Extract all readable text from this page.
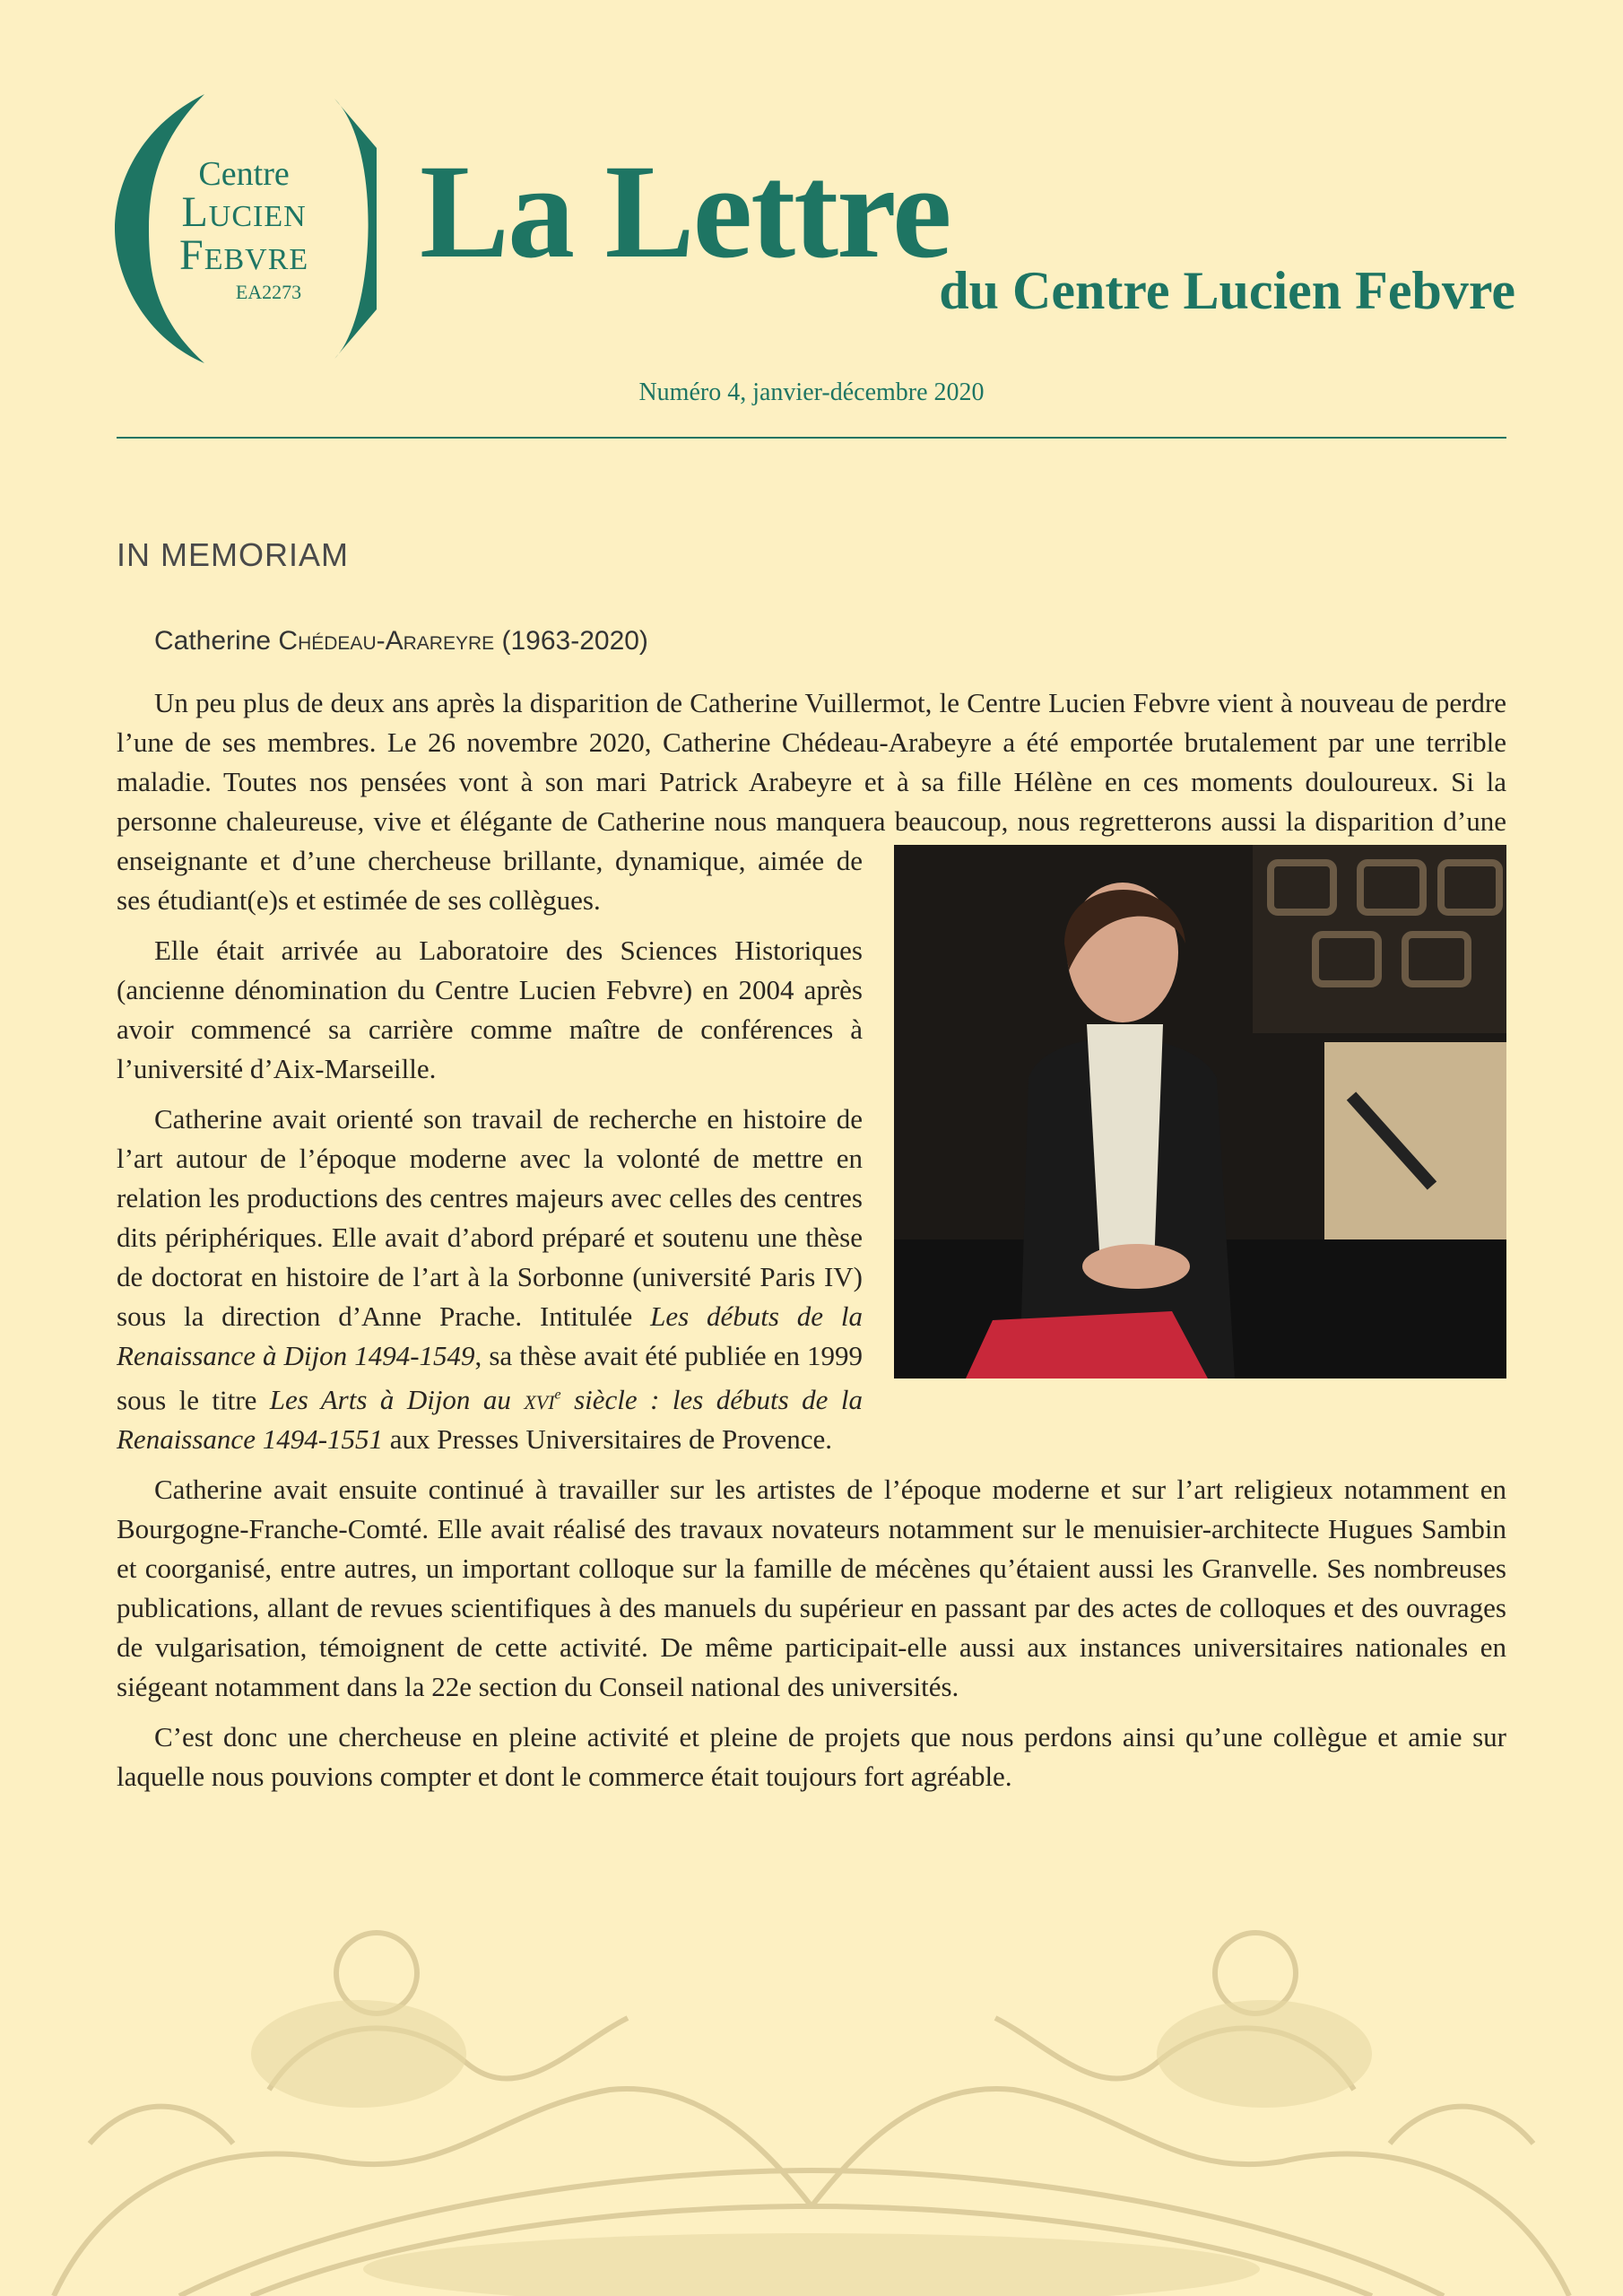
Centre
Lucien
Febvre
EA2273
La Lettre
du Centre Lucien Febvre
Numéro 4, janvier-décembre 2020
IN MEMORIAM
Catherine Chédeau-Arareyre (1963-2020)

Un peu plus de deux ans après la disparition de Catherine Vuillermot, le Centre Lucien Febvre vient à nouveau de perdre l’une de ses membres. Le 26 novembre 2020, Catherine Chédeau-Arabeyre a été emportée brutalement par une terrible maladie. Toutes nos pensées vont à son mari Patrick Arabeyre et à sa fille Hélène en ces moments douloureux. Si la personne chaleureuse, vive et élégante de Catherine nous manquera beaucoup, nous regretterons aussi la disparition d’une enseignante et d’une chercheuse brillante, dynamique, aimée de ses étudiant(e)s et estimée de ses collègues.

Elle était arrivée au Laboratoire des Sciences Historiques (ancienne dénomination du Centre Lucien Febvre) en 2004 après avoir commencé sa carrière comme maître de conférences à l’université d’Aix-Marseille.

Catherine avait orienté son travail de recherche en histoire de l’art autour de l’époque moderne avec la volonté de mettre en relation les productions des centres majeurs avec celles des centres dits périphériques. Elle avait d’abord préparé et soutenu une thèse de doctorat en histoire de l’art à la Sorbonne (université Paris IV) sous la direction d’Anne Prache. Intitulée Les débuts de la Renaissance à Dijon 1494-1549, sa thèse avait été publiée en 1999 sous le titre Les Arts à Dijon au xvi$^e$ siècle : les débuts de la Renaissance 1494-1551 aux Presses Universitaires de Provence.

Catherine avait ensuite continué à travailler sur les artistes de l’époque moderne et sur l’art religieux notamment en Bourgogne-Franche-Comté. Elle avait réalisé des travaux novateurs notamment sur le menuisier-architecte Hugues Sambin et coorganisé, entre autres, un important colloque sur la famille de mécènes qu’étaient aussi les Granvelle. Ses nombreuses publications, allant de revues scientifiques à des manuels du supérieur en passant par des actes de colloques et des ouvrages de vulgarisation, témoignent de cette activité. De même participait-elle aussi aux instances universitaires nationales en siégeant notamment dans la 22e section du Conseil national des universités.

C’est donc une chercheuse en pleine activité et pleine de projets que nous perdons ainsi qu’une collègue et amie sur laquelle nous pouvions compter et dont le commerce était toujours fort agréable.
